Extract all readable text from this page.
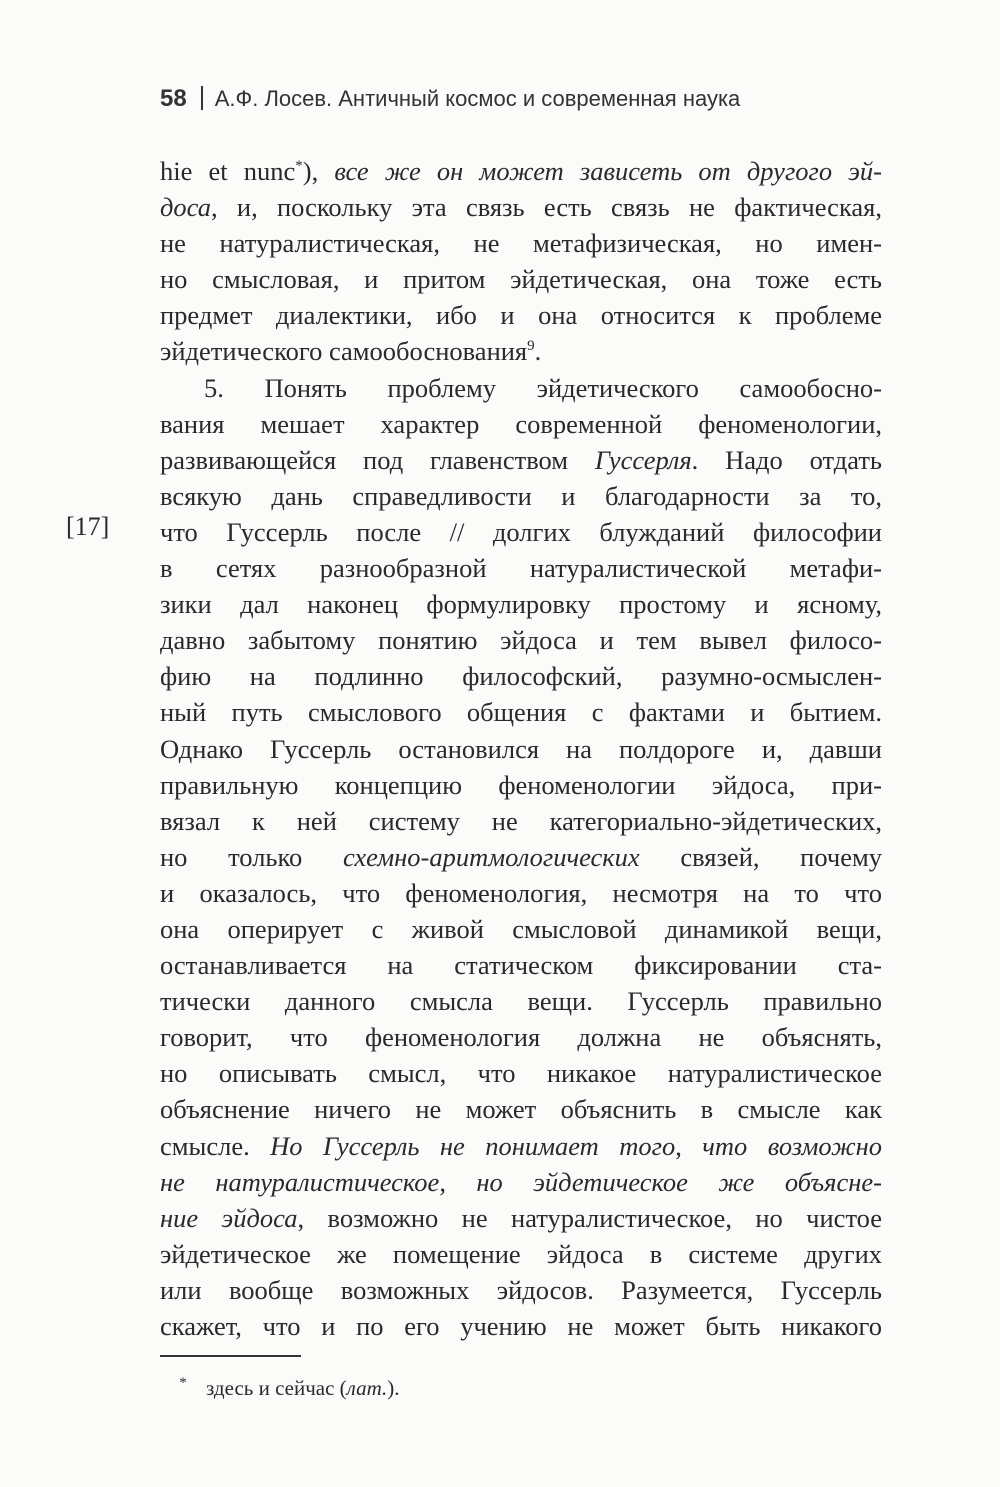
58 А.Ф. Лосев. Античный космос и современная наука
[17]
hie et nunc*), все же он может зависеть от другого эй-
доса, и, поскольку эта связь есть связь не фактическая,
не натуралистическая, не метафизическая, но имен-
но смысловая, и притом эйдетическая, она тоже есть
предмет диалектики, ибо и она относится к проблеме
эйдетического самообоснования$^9$.
5. Понять проблему эйдетического самообосно-
вания мешает характер современной феноменологии,
развивающейся под главенством Гуссерля. Надо отдать
всякую дань справедливости и благодарности за то,
что Гуссерль после // долгих блужданий философии
в сетях разнообразной натуралистической метафи-
зики дал наконец формулировку простому и ясному,
давно забытому понятию эйдоса и тем вывел филосо-
фию на подлинно философский, разумно-осмыслен-
ный путь смыслового общения с фактами и бытием.
Однако Гуссерль остановился на полдороге и, давши
правильную концепцию феноменологии эйдоса, при-
вязал к ней систему не категориально-эйдетических,
но только схемно-аритмологических связей, почему
и оказалось, что феноменология, несмотря на то что
она оперирует с живой смысловой динамикой вещи,
останавливается на статическом фиксировании ста-
тически данного смысла вещи. Гуссерль правильно
говорит, что феноменология должна не объяснять,
но описывать смысл, что никакое натуралистическое
объяснение ничего не может объяснить в смысле как
смысле. Но Гуссерль не понимает того, что возможно
не натуралистическое, но эйдетическое же объясне-
ние эйдоса, возможно не натуралистическое, но чистое
эйдетическое же помещение эйдоса в системе других
или вообще возможных эйдосов. Разумеется, Гуссерль
скажет, что и по его учению не может быть никакого
* здесь и сейчас (лат.).
